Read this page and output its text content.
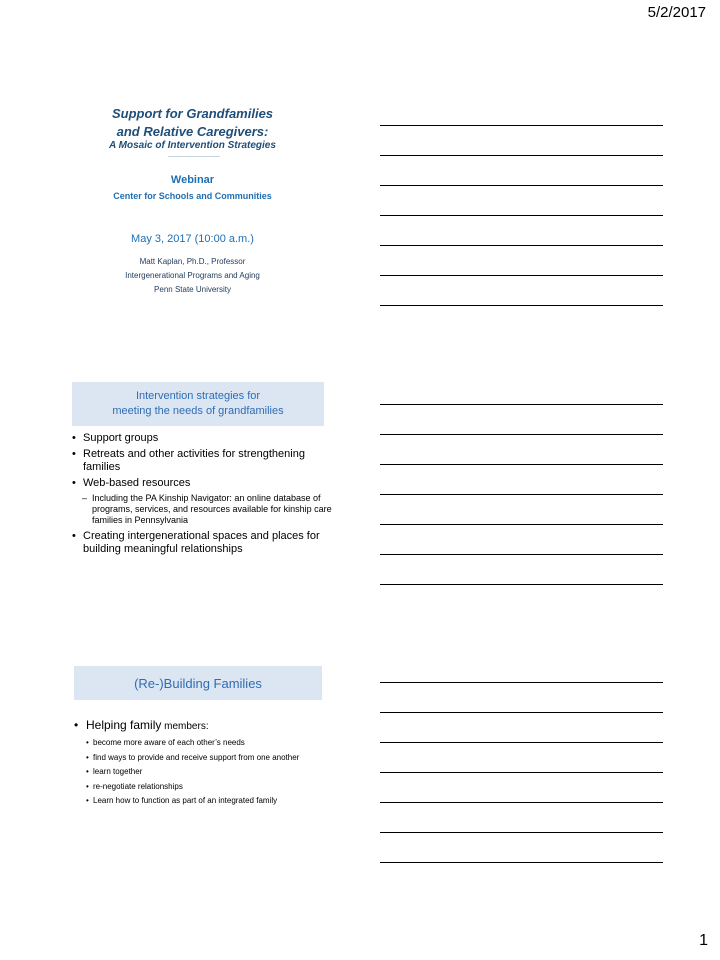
5/2/2017
1
Support for Grandfamilies
and Relative Caregivers:
A Mosaic of Intervention Strategies
Webinar
Center for Schools and Communities
May 3, 2017 (10:00 a.m.)
Matt Kaplan, Ph.D., Professor
Intergenerational Programs and Aging
Penn State University
Intervention strategies for
meeting the needs of grandfamilies
• Support groups
• Retreats and other activities for strengthening families
• Web-based resources
– Including the PA Kinship Navigator: an online database of programs, services, and resources available for kinship care families in Pennsylvania
• Creating intergenerational spaces and places for building meaningful relationships
(Re-)Building Families
• Helping family members:
• become more aware of each other’s needs
• find ways to provide and receive support from one another
• learn together
• re-negotiate relationships
• Learn how to function as part of an integrated family
